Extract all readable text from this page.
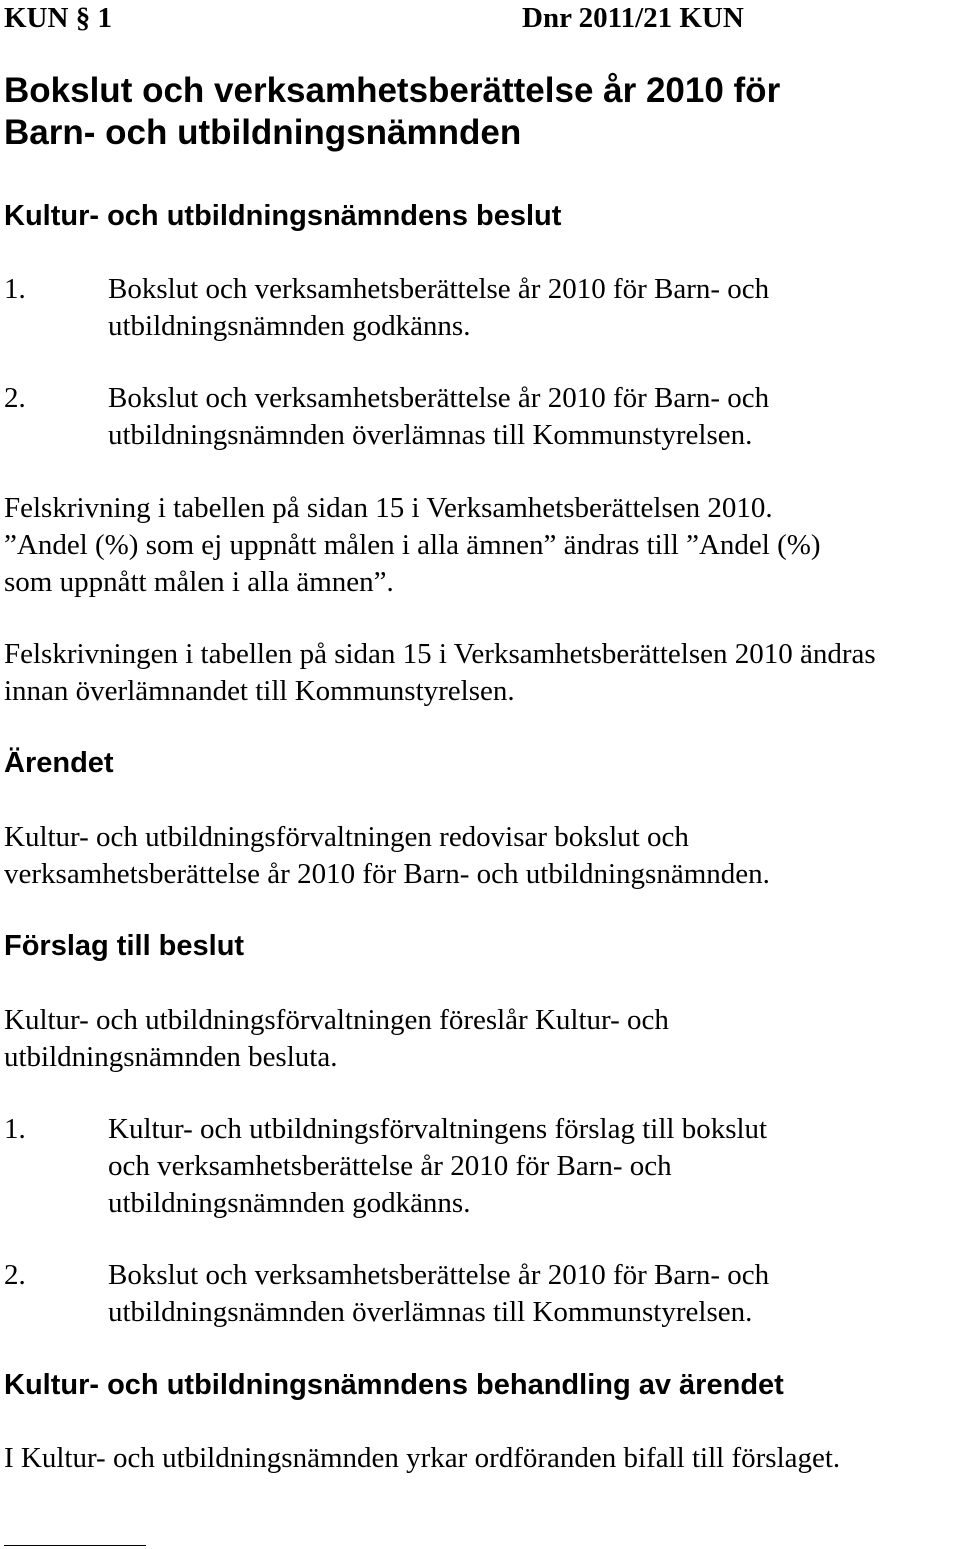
KUN § 1	Dnr 2011/21 KUN
Bokslut och verksamhetsberättelse år 2010 för
Barn- och utbildningsnämnden
Kultur- och utbildningsnämndens beslut
1.	Bokslut och verksamhetsberättelse år 2010 för Barn- och
utbildningsnämnden godkänns.
2.	Bokslut och verksamhetsberättelse år 2010 för Barn- och
utbildningsnämnden överlämnas till Kommunstyrelsen.
Felskrivning i tabellen på sidan 15 i Verksamhetsberättelsen 2010.
”Andel (%) som ej uppnått målen i alla ämnen” ändras till ”Andel (%)
som uppnått målen i alla ämnen”.
Felskrivningen i tabellen på sidan 15 i Verksamhetsberättelsen 2010 ändras
innan överlämnandet till Kommunstyrelsen.
Ärendet
Kultur- och utbildningsförvaltningen redovisar bokslut och
verksamhetsberättelse år 2010 för Barn- och utbildningsnämnden.
Förslag till beslut
Kultur- och utbildningsförvaltningen föreslår Kultur- och
utbildningsnämnden besluta.
1.	Kultur- och utbildningsförvaltningens förslag till bokslut
och verksamhetsberättelse år 2010 för Barn- och
utbildningsnämnden godkänns.
2.	Bokslut och verksamhetsberättelse år 2010 för Barn- och
utbildningsnämnden överlämnas till Kommunstyrelsen.
Kultur- och utbildningsnämndens behandling av ärendet
I Kultur- och utbildningsnämnden yrkar ordföranden bifall till förslaget.
